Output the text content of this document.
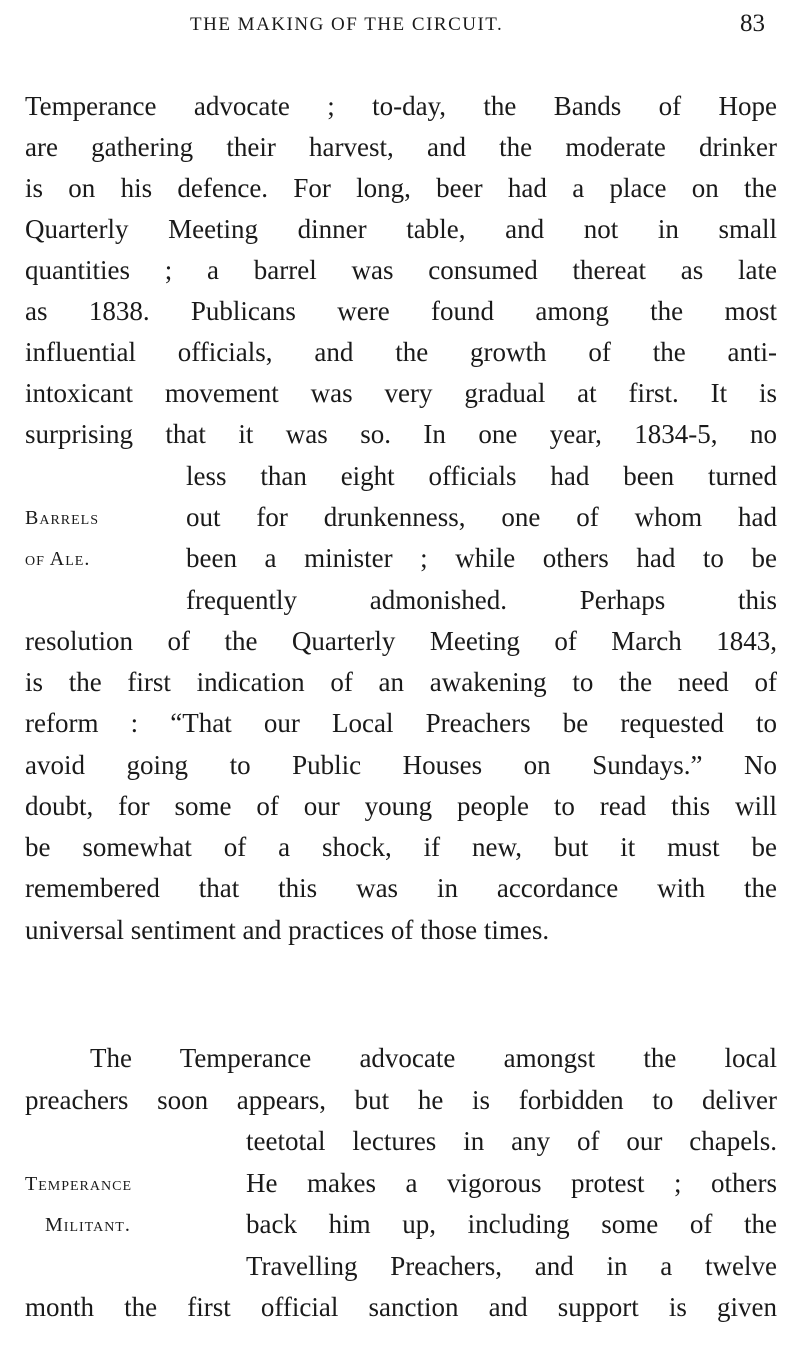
THE MAKING OF THE CIRCUIT.	83
Temperance advocate ; to-day, the Bands of Hope
are gathering their harvest, and the moderate drinker
is on his defence. For long, beer had a place on the
Quarterly Meeting dinner table, and not in small
quantities ; a barrel was consumed thereat as late
as 1838. Publicans were found among the most
influential officials, and the growth of the anti-
intoxicant movement was very gradual at first. It is
surprising that it was so. In one year, 1834-5, no
less than eight officials had been turned
out for drunkenness, one of whom had
been a minister ; while others had to be
frequently admonished. Perhaps this
resolution of the Quarterly Meeting of March 1843,
is the first indication of an awakening to the need of
reform : “That our Local Preachers be requested to
avoid going to Public Houses on Sundays.” No
doubt, for some of our young people to read this will
be somewhat of a shock, if new, but it must be
remembered that this was in accordance with the
universal sentiment and practices of those times.
Barrels
of Ale.
The Temperance advocate amongst the local
preachers soon appears, but he is forbidden to deliver
teetotal lectures in any of our chapels.
He makes a vigorous protest ; others
back him up, including some of the
Travelling Preachers, and in a twelve
month the first official sanction and support is given
Temperance
Militant.
